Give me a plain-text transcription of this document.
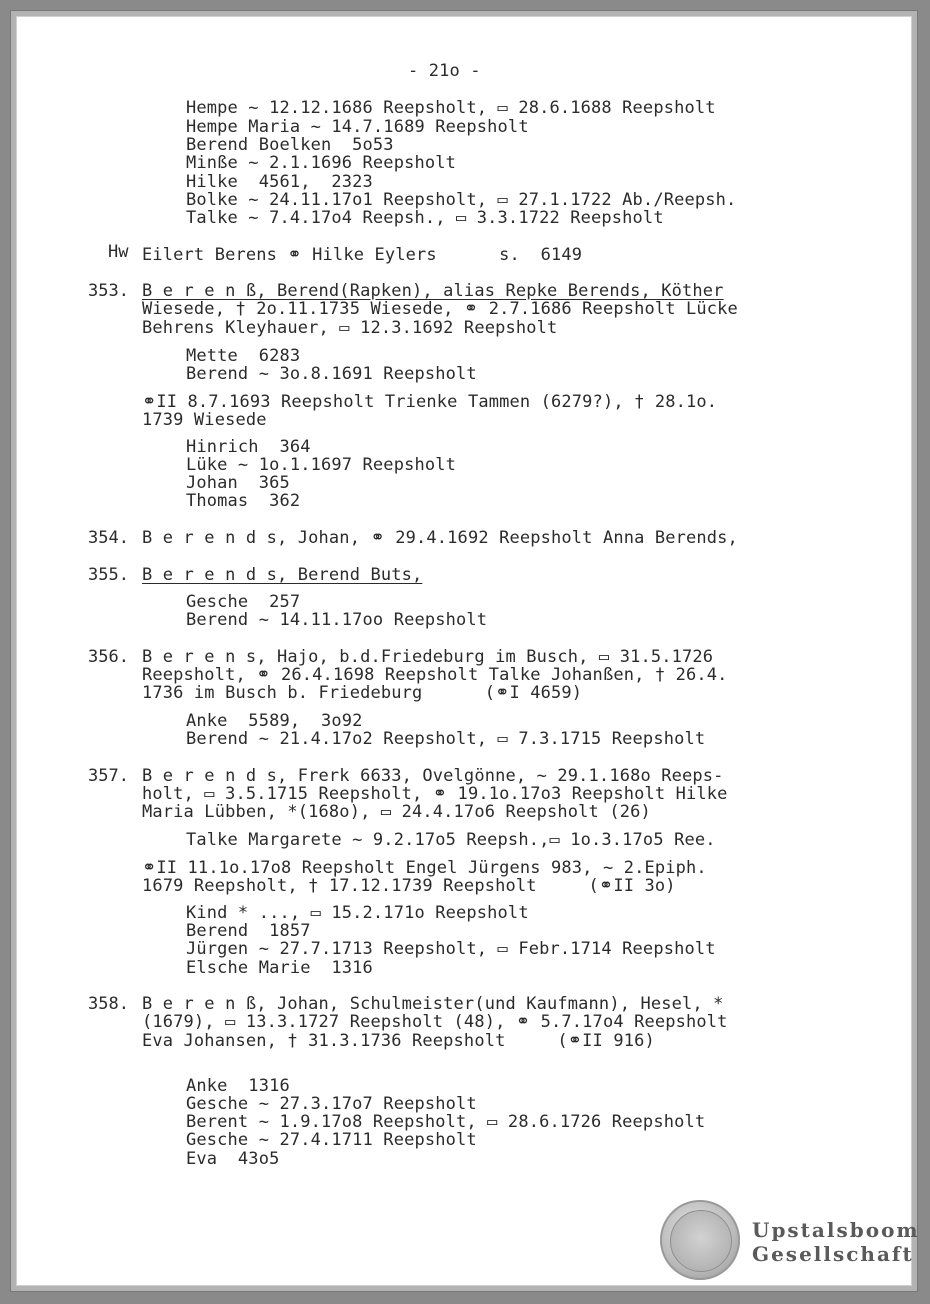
- 21o -
Hempe ~ 12.12.1686 Reepsholt, ▭ 28.6.1688 Reepsholt
Hempe Maria ~ 14.7.1689 Reepsholt
Berend Boelken  5o53
Minße ~ 2.1.1696 Reepsholt
Hilke  4561,  2323
Bolke ~ 24.11.17o1 Reepsholt, ▭ 27.1.1722 Ab./Reepsh.
Talke ~ 7.4.17o4 Reepsh., ▭ 3.3.1722 Reepsholt
Hw Eilert Berens ⚭ Hilke Eylers      s.  6149
353. B e r e n ß, Berend(Rapken), alias Repke Berends, Köther
Wiesede, † 2o.11.1735 Wiesede, ⚭ 2.7.1686 Reepsholt Lücke
Behrens Kleyhauer, ▭ 12.3.1692 Reepsholt
Mette  6283
Berend ~ 3o.8.1691 Reepsholt
⚭II 8.7.1693 Reepsholt Trienke Tammen (6279?), † 28.1o.
1739 Wiesede
Hinrich  364
Lüke ~ 1o.1.1697 Reepsholt
Johan  365
Thomas  362
354. B e r e n d s, Johan, ⚭ 29.4.1692 Reepsholt Anna Berends,
355. B e r e n d s, Berend Buts,
Gesche  257
Berend ~ 14.11.17oo Reepsholt
356. B e r e n s, Hajo, b.d.Friedeburg im Busch, ▭ 31.5.1726
Reepsholt, ⚭ 26.4.1698 Reepsholt Talke Johanßen, † 26.4.
1736 im Busch b. Friedeburg      (⚭I 4659)
Anke  5589,  3o92
Berend ~ 21.4.17o2 Reepsholt, ▭ 7.3.1715 Reepsholt
357. B e r e n d s, Frerk 6633, Ovelgönne, ~ 29.1.168o Reeps-
holt, ▭ 3.5.1715 Reepsholt, ⚭ 19.1o.17o3 Reepsholt Hilke
Maria Lübben, *(168o), ▭ 24.4.17o6 Reepsholt (26)
Talke Margarete ~ 9.2.17o5 Reepsh.,▭ 1o.3.17o5 Ree.
⚭II 11.1o.17o8 Reepsholt Engel Jürgens 983, ~ 2.Epiph.
1679 Reepsholt, † 17.12.1739 Reepsholt     (⚭II 3o)
Kind * ..., ▭ 15.2.171o Reepsholt
Berend  1857
Jürgen ~ 27.7.1713 Reepsholt, ▭ Febr.1714 Reepsholt
Elsche Marie  1316
358. B e r e n ß, Johan, Schulmeister(und Kaufmann), Hesel, *
(1679), ▭ 13.3.1727 Reepsholt (48), ⚭ 5.7.17o4 Reepsholt
Eva Johansen, † 31.3.1736 Reepsholt     (⚭II 916)
Anke  1316
Gesche ~ 27.3.17o7 Reepsholt
Berent ~ 1.9.17o8 Reepsholt, ▭ 28.6.1726 Reepsholt
Gesche ~ 27.4.1711 Reepsholt
Eva  43o5
Upstalsboom
Gesellschaft
